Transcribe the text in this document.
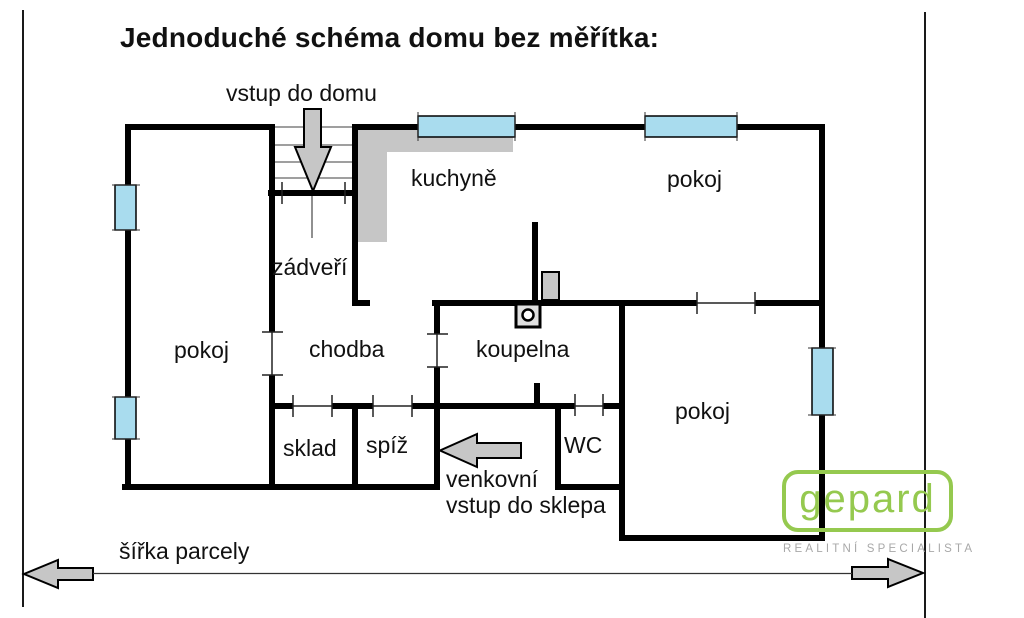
Jednoduché schéma domu bez měřítka:
vstup do domu
zádveří
kuchyně	pokoj
pokoj	chodba	koupelna
pokoj
sklad spíž	WC
venkovní
vstup do sklepa
šířka parcely
gepard
REALITNÍ SPECIALISTA
